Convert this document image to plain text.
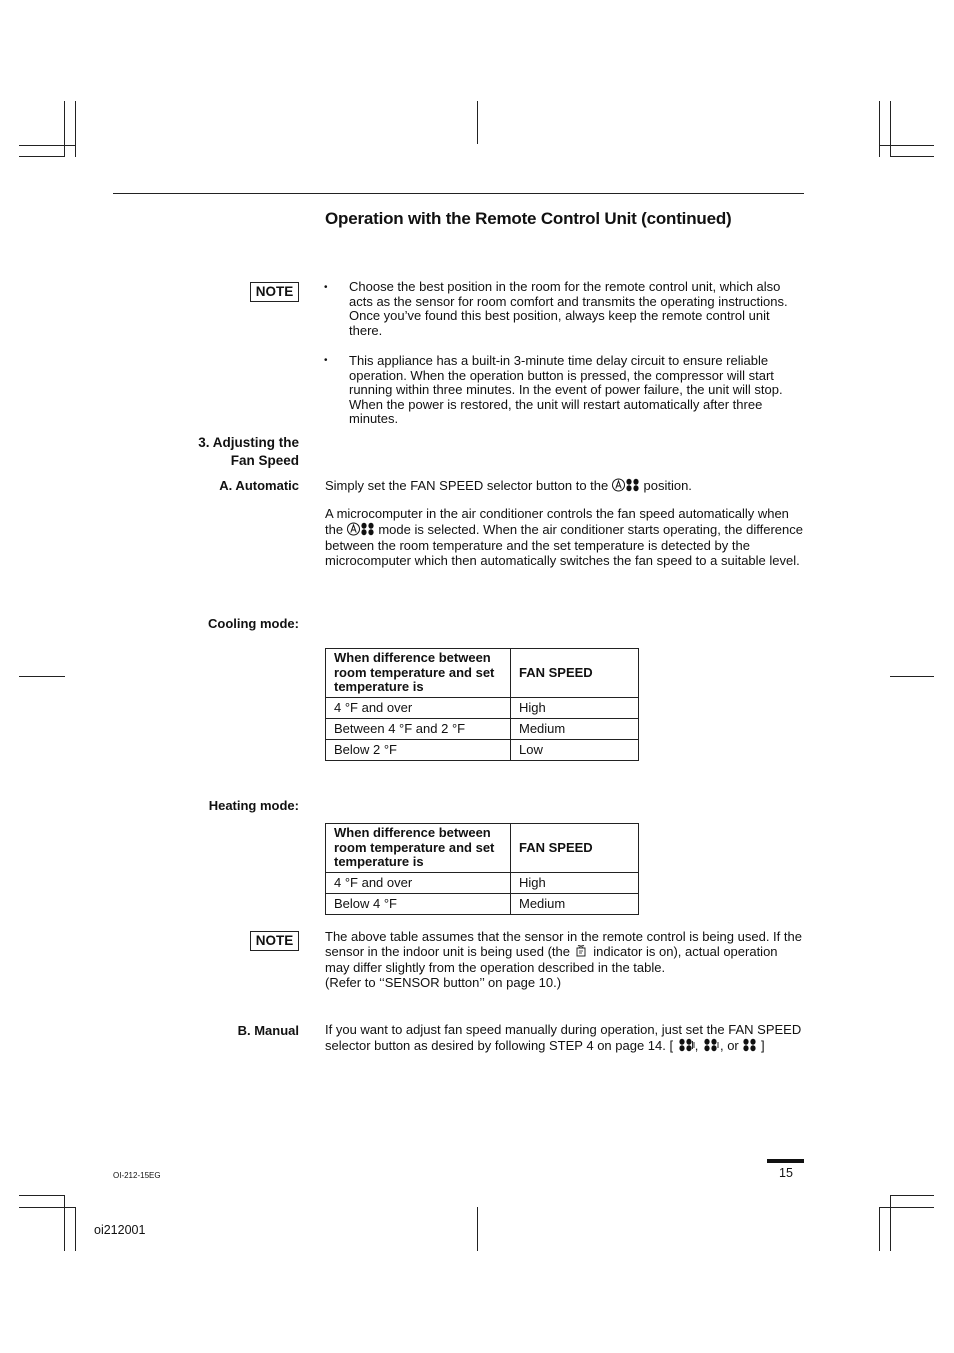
Operation with the Remote Control Unit (continued)
NOTE	• Choose the best position in the room for the remote control unit, which also acts as the sensor for room comfort and transmits the operating instructions. Once you’ve found this best position, always keep the remote control unit there.
• This appliance has a built-in 3-minute time delay circuit to ensure reliable operation. When the operation button is pressed, the compressor will start running within three minutes. In the event of power failure, the unit will stop. When the power is restored, the unit will restart automatically after three minutes.
3. Adjusting the
Fan Speed
A. Automatic Simply set the FAN SPEED selector button to the	position.
A microcomputer in the air conditioner controls the fan speed automatically when the	mode is selected. When the air conditioner starts operating, the difference between the room temperature and the set temperature is detected by the microcomputer which then automatically switches the fan speed to a suitable level.
Cooling mode:
When difference between room temperature and set temperature is	FAN SPEED
4 °F and over	High
Between 4 °F and 2 °F	Medium
Below 2 °F	Low
Heating mode:
When difference between room temperature and set temperature is	FAN SPEED
4 °F and over	High
Below 4 °F	Medium
NOTE	The above table assumes that the sensor in the remote control is being used. If the sensor in the indoor unit is being used (the indicator is on), actual operation may differ slightly from the operation described in the table.
(Refer to ‘‘SENSOR button’’ on page 10.)
B. Manual If you want to adjust fan speed manually during operation, just set the FAN SPEED selector button as desired by following STEP 4 on page 14. [ , , or ]
15
OI-212-15EG
oi212001
